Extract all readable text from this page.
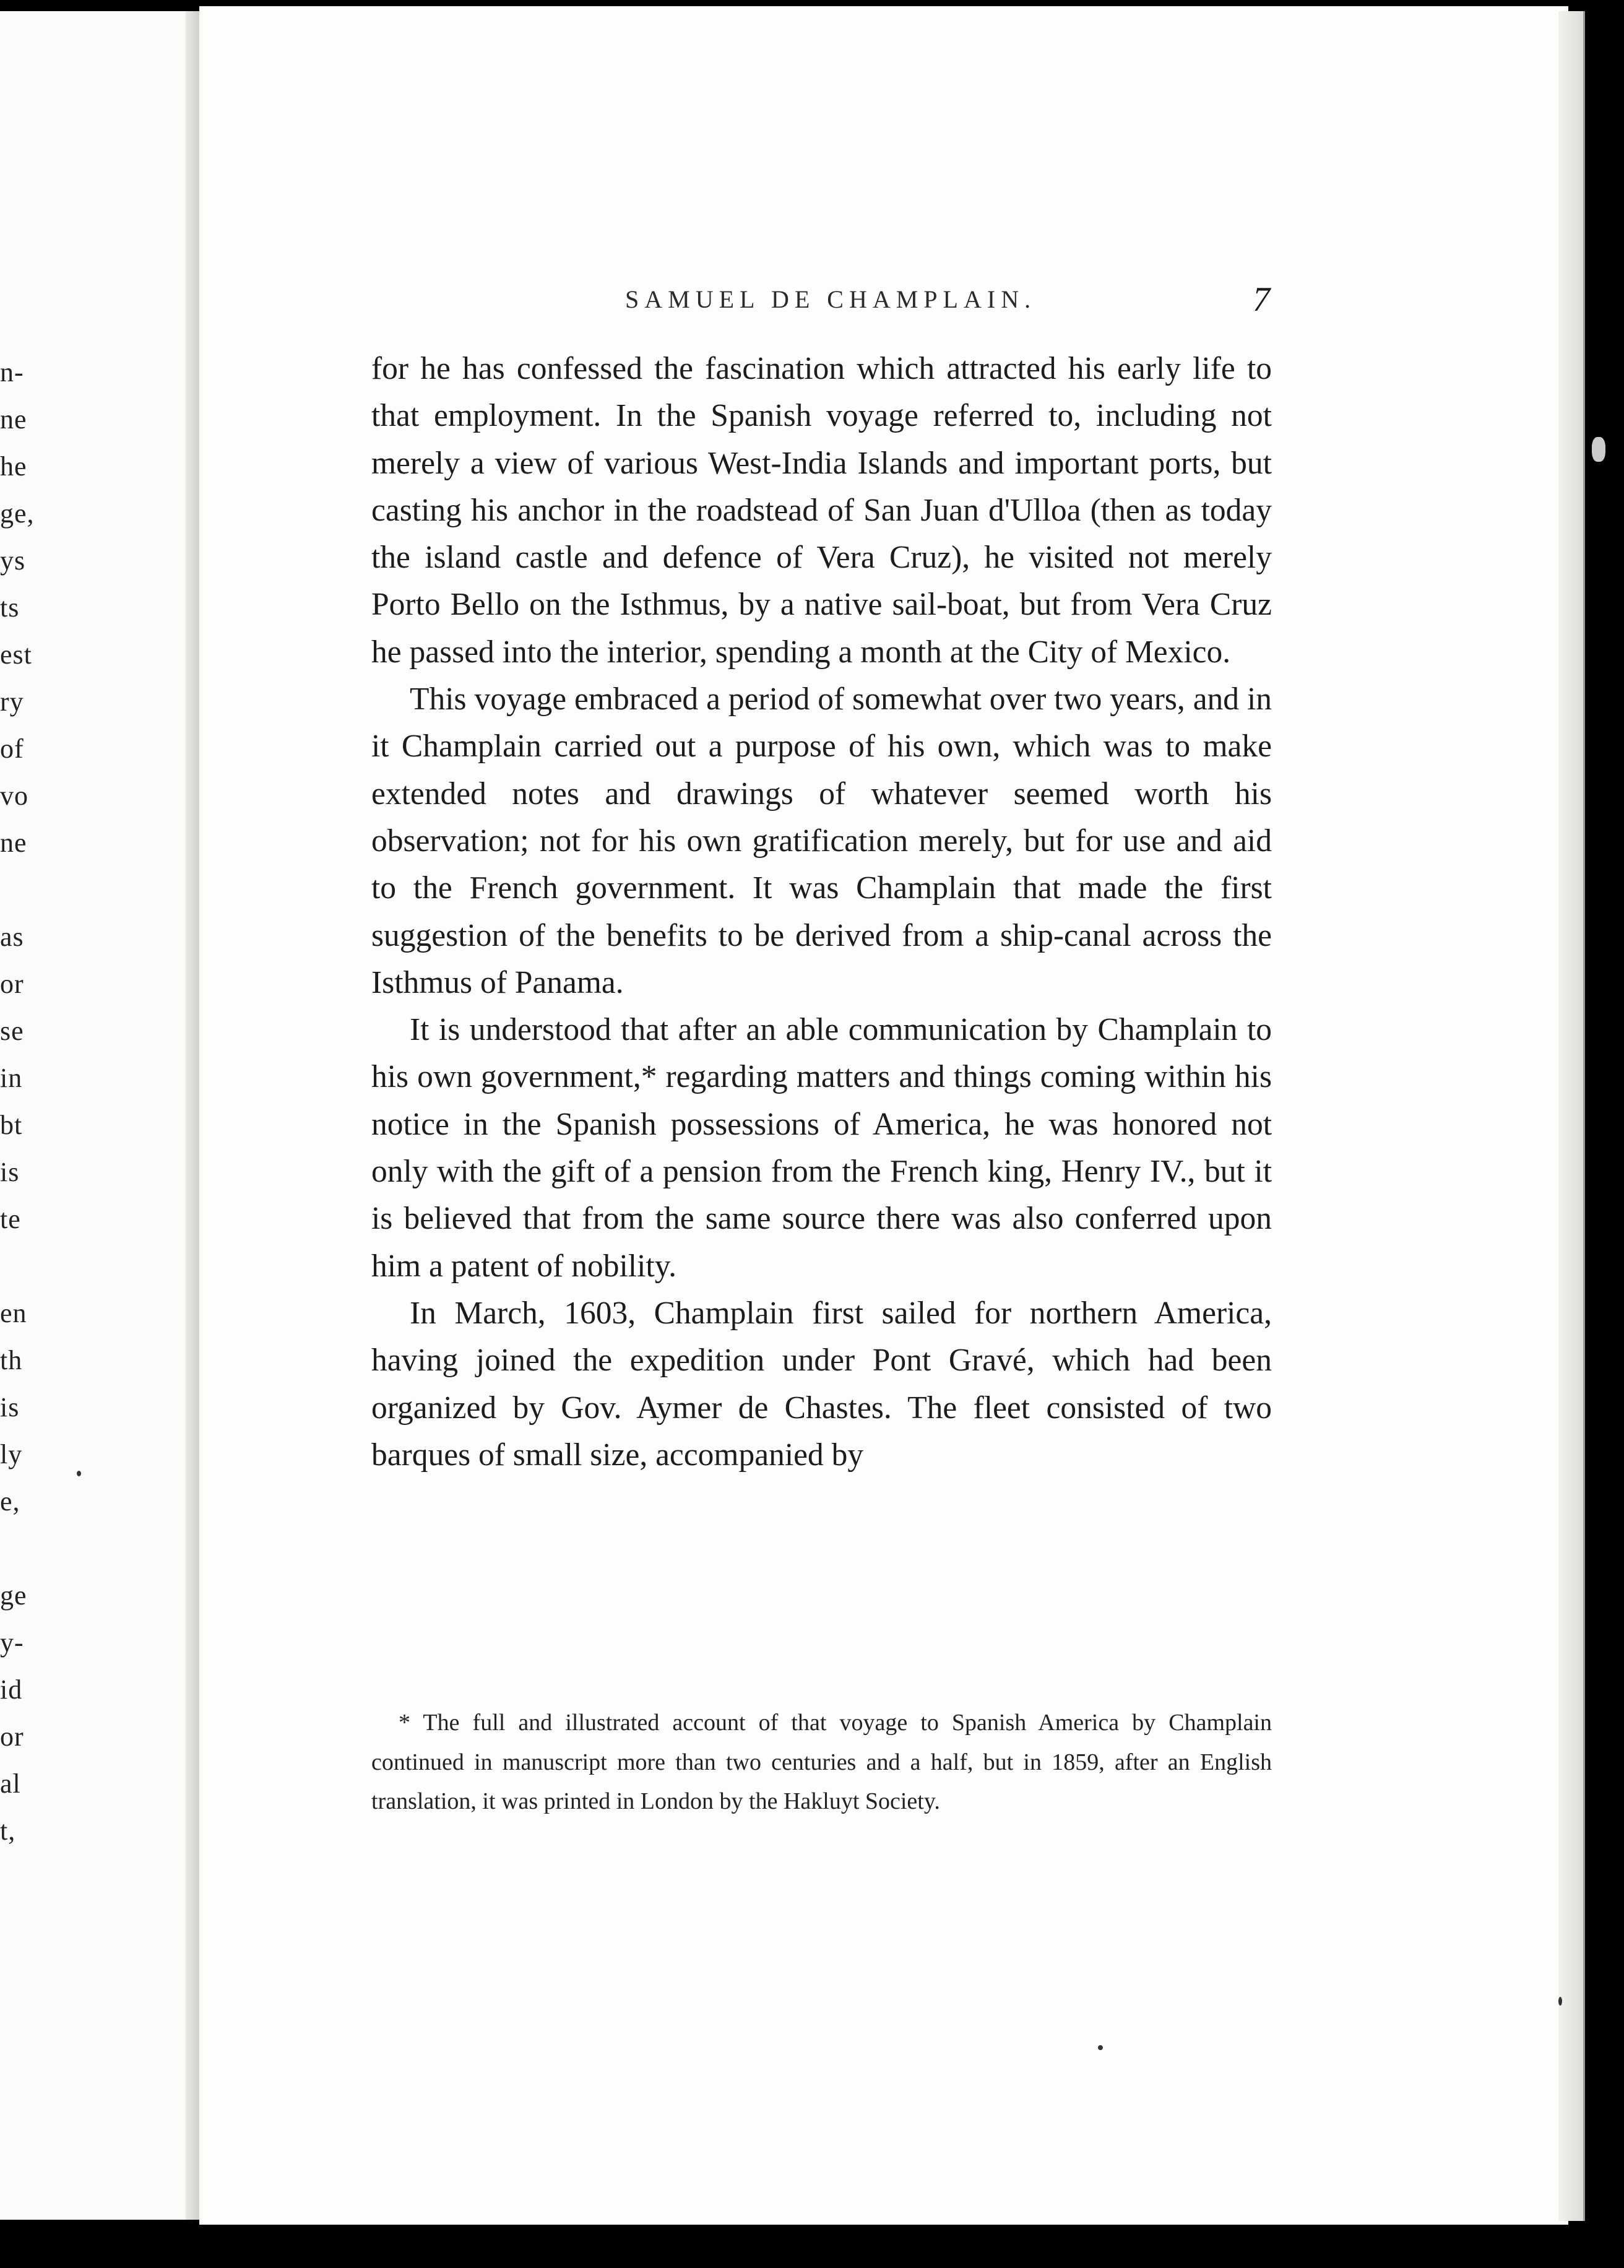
n-
ne
he
ge,
ys
ts
est
ry
of
vo
ne
as
or
se
in
bt
is
te
en
th
is
ly
e,
ge
y-
id
or
al
t,
SAMUEL DE CHAMPLAIN.	7

for he has confessed the fascination which attracted his early life to that employment. In the Spanish voyage referred to, including not merely a view of various West-India Islands and important ports, but casting his anchor in the roadstead of San Juan d'Ulloa (then as today the island castle and defence of Vera Cruz), he visited not merely Porto Bello on the Isthmus, by a native sail-boat, but from Vera Cruz he passed into the interior, spending a month at the City of Mexico.

This voyage embraced a period of somewhat over two years, and in it Champlain carried out a purpose of his own, which was to make extended notes and drawings of whatever seemed worth his observation; not for his own gratification merely, but for use and aid to the French government. It was Champlain that made the first suggestion of the benefits to be derived from a ship-canal across the Isthmus of Panama.

It is understood that after an able communication by Champlain to his own government,* regarding matters and things coming within his notice in the Spanish possessions of America, he was honored not only with the gift of a pension from the French king, Henry IV., but it is believed that from the same source there was also conferred upon him a patent of nobility.

In March, 1603, Champlain first sailed for northern America, having joined the expedition under Pont Gravé, which had been organized by Gov. Aymer de Chastes. The fleet consisted of two barques of small size, accompanied by

* The full and illustrated account of that voyage to Spanish America by Champlain continued in manuscript more than two centuries and a half, but in 1859, after an English translation, it was printed in London by the Hakluyt Society.
